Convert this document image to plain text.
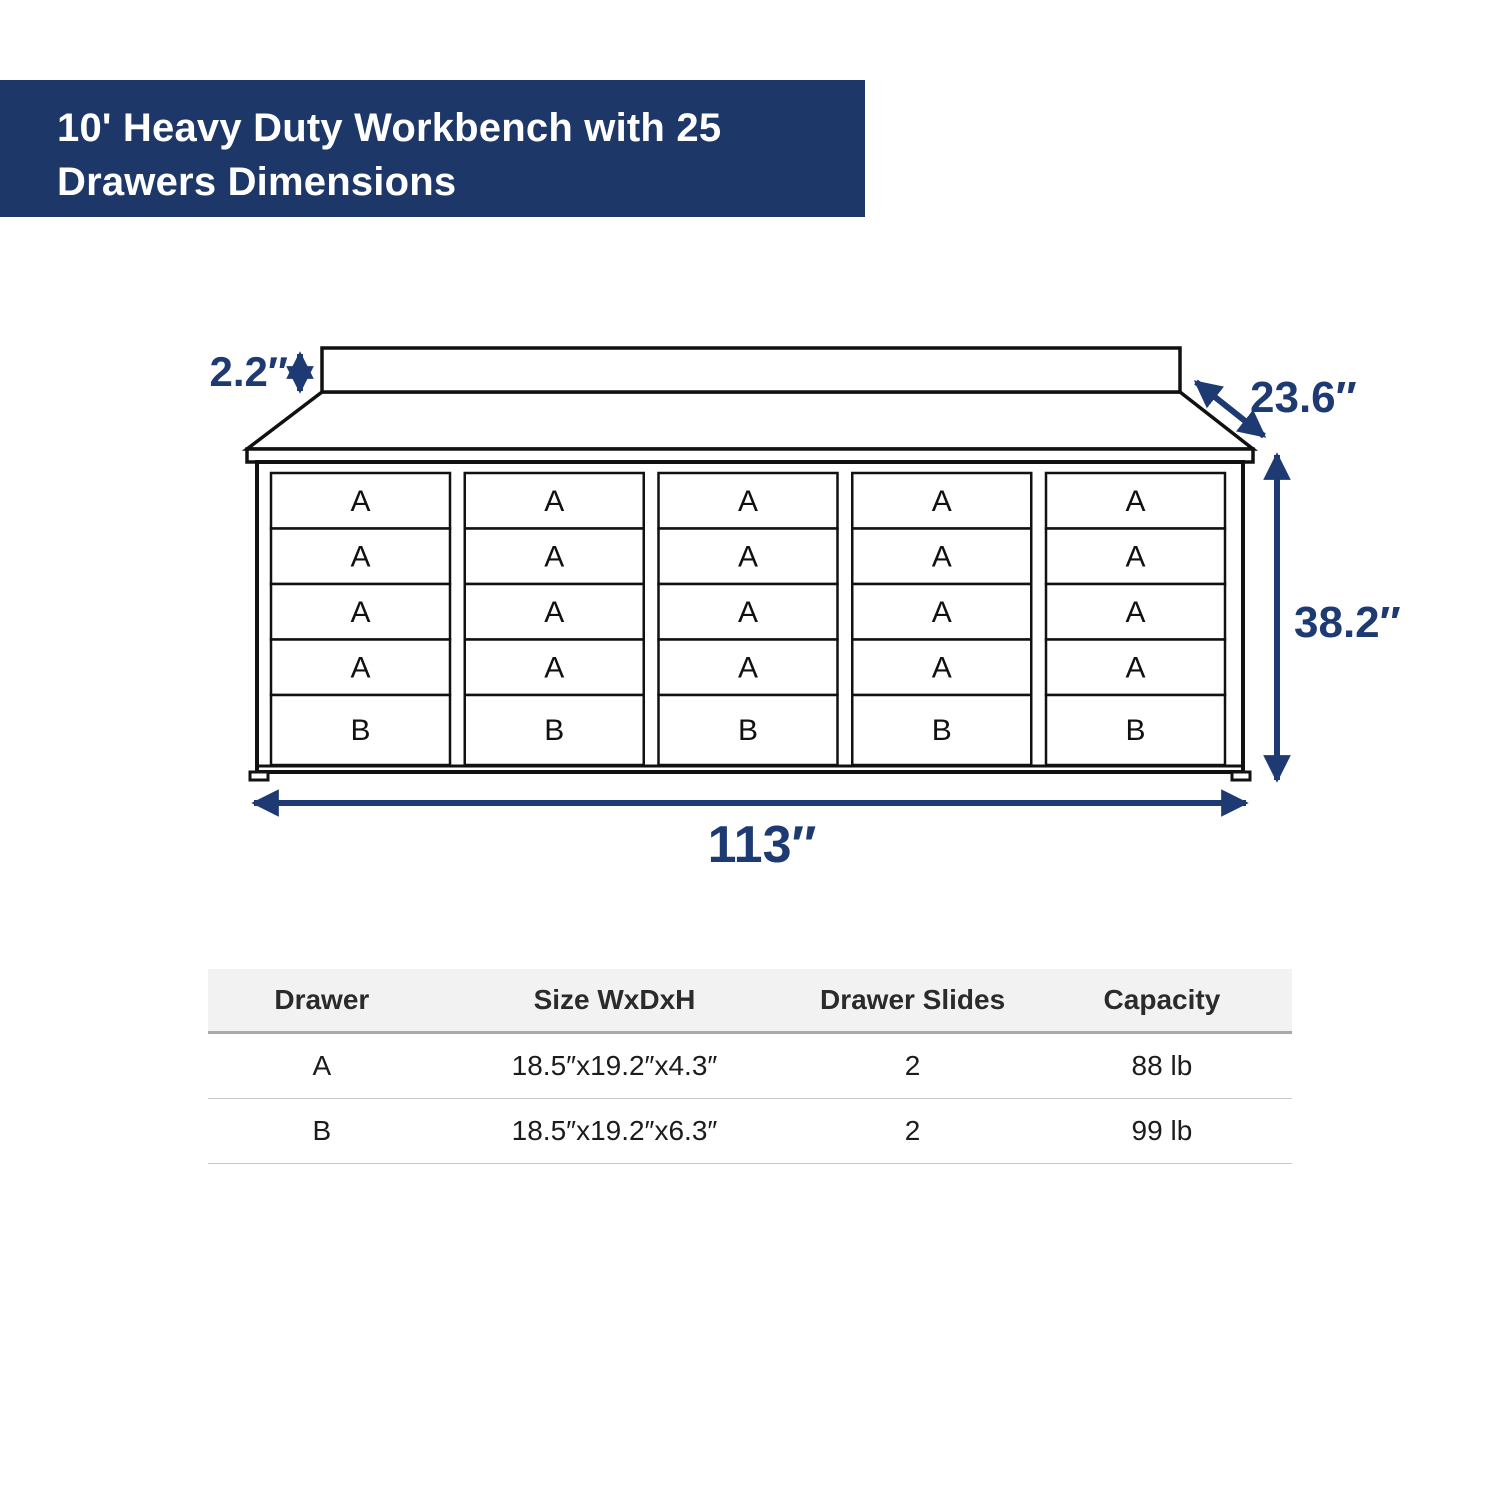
10' Heavy Duty Workbench with 25 Drawers Dimensions
A
A
A
A
B
A
A
A
A
B
A
A
A
A
B
A
A
A
A
B
A
A
A
A
B
2.2″
23.6″
38.2″
113″
Drawer	Size WxDxH	Drawer Slides	Capacity
A	18.5″x19.2″x4.3″	2	88 lb
B	18.5″x19.2″x6.3″	2	99 lb
